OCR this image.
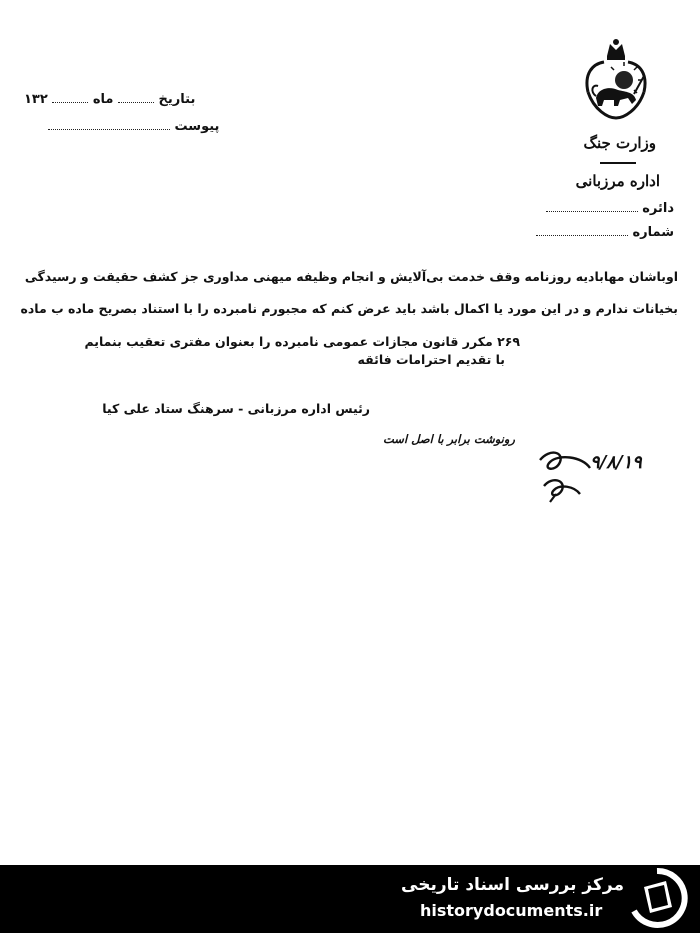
وزارت جنگ
اداره مرزبانی
دائره
شماره
بتاریخ  ماه  ۱۳۲
پیوست
اوباشان مهابادیه روزنامه وقف خدمت بی‌آلایش و انجام وظیفه میهنی مداوری جز کشف حقیقت و رسیدگی
بخیانات ندارم و در این مورد یا اکمال باشد باید عرض کنم که مجبورم نامبرده را با استناد بصریح ماده ب ماده
۲۶۹ مکرر قانون مجازات عمومی نامبرده را بعنوان مفتری تعقیب بنمایم
با تقدیم احترامات فائقه
رئیس اداره مرزبانی - سرهنگ ستاد علی کیا
رونوشت برابر با اصل است
۹/۸/۱۹
مرکز بررسی اسناد تاریخی
historydocuments.ir
